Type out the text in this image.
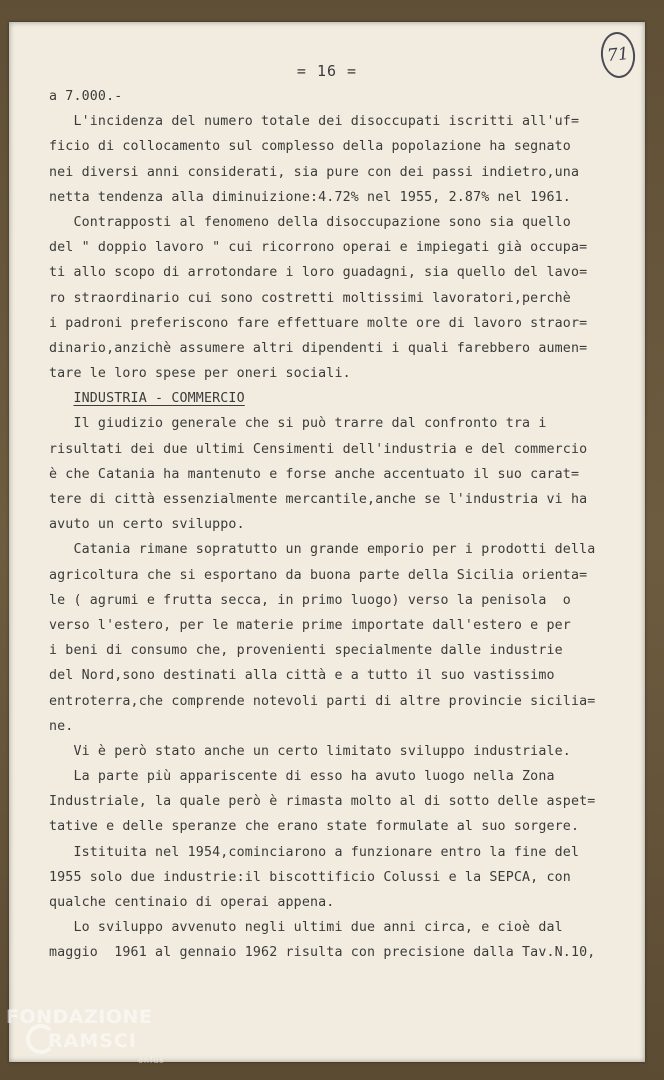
= 16 =
71

a 7.000.-

L'incidenza del numero totale dei disoccupati iscritti all'uf=

ficio di collocamento sul complesso della popolazione ha segnato

nei diversi anni considerati, sia pure con dei passi indietro,una

netta tendenza alla diminuizione:4.72% nel 1955, 2.87% nel 1961.

Contrapposti al fenomeno della disoccupazione sono sia quello

del " doppio lavoro " cui ricorrono operai e impiegati già occupa=

ti allo scopo di arrotondare i loro guadagni, sia quello del lavo=

ro straordinario cui sono costretti moltissimi lavoratori,perchè

i padroni preferiscono fare effettuare molte ore di lavoro straor=

dinario,anzichè assumere altri dipendenti i quali farebbero aumen=

tare le loro spese per oneri sociali.

INDUSTRIA - COMMERCIO

Il giudizio generale che si può trarre dal confronto tra i

risultati dei due ultimi Censimenti dell'industria e del commercio

è che Catania ha mantenuto e forse anche accentuato il suo carat=

tere di città essenzialmente mercantile,anche se l'industria vi ha

avuto un certo sviluppo.

Catania rimane sopratutto un grande emporio per i prodotti della

agricoltura che si esportano da buona parte della Sicilia orienta=

le ( agrumi e frutta secca, in primo luogo) verso la penisola  o

verso l'estero, per le materie prime importate dall'estero e per

i beni di consumo che, provenienti specialmente dalle industrie

del Nord,sono destinati alla città e a tutto il suo vastissimo

entroterra,che comprende notevoli parti di altre provincie sicilia=

ne.

Vi è però stato anche un certo limitato sviluppo industriale.

La parte più appariscente di esso ha avuto luogo nella Zona

Industriale, la quale però è rimasta molto al di sotto delle aspet=

tative e delle speranze che erano state formulate al suo sorgere.

Istituita nel 1954,cominciarono a funzionare entro la fine del

1955 solo due industrie:il biscottificio Colussi e la SEPCA, con

qualche centinaio di operai appena.

Lo sviluppo avvenuto negli ultimi due anni circa, e cioè dal

maggio  1961 al gennaio 1962 risulta con precisione dalla Tav.N.10,

FONDAZIONE
RAMSCI
onlus
